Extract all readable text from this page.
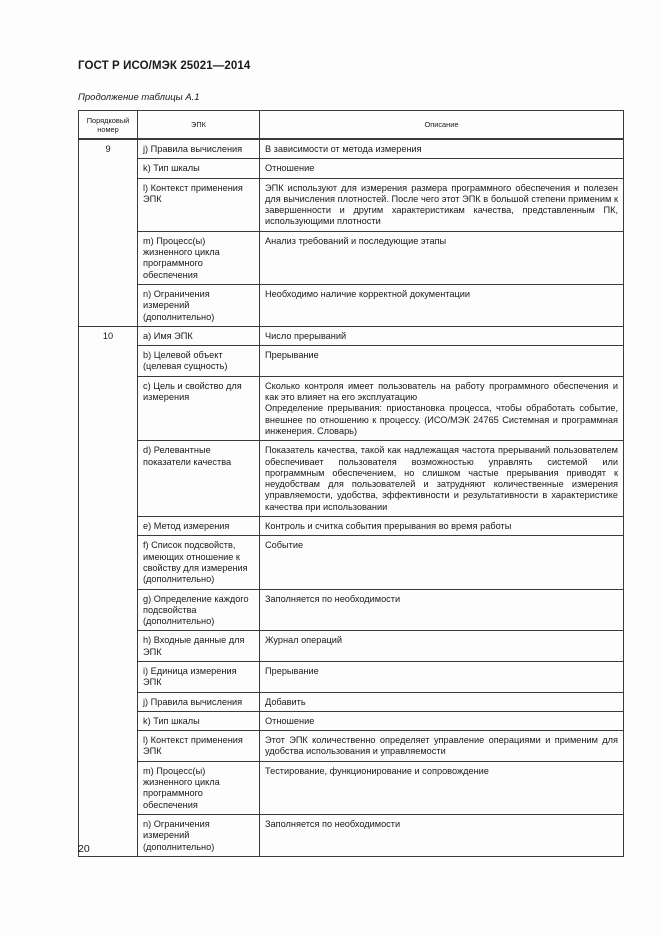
ГОСТ Р ИСО/МЭК 25021—2014
Продолжение таблицы А.1
Порядковый номер	ЭПК	Описание
9	j) Правила вычисления	В зависимости от метода измерения
	k) Тип шкалы	Отношение
	l) Контекст применения ЭПК	ЭПК используют для измерения размера программного обеспечения и полезен для вычисления плотностей. После чего этот ЭПК в большой степени применим к завершенности и другим характеристикам качества, представленным ПК, использующими плотности
	m) Процесс(ы) жизненного цикла программного обеспечения	Анализ требований и последующие этапы
	n) Ограничения измерений (дополнительно)	Необходимо наличие корректной документации
10	a) Имя ЭПК	Число прерываний
	b) Целевой объект (целевая сущность)	Прерывание
	c) Цель и свойство для измерения	Сколько контроля имеет пользователь на работу программного обеспечения и как это влияет на его эксплуатацию
Определение прерывания: приостановка процесса, чтобы обработать событие, внешнее по отношению к процессу. (ИСО/МЭК 24765 Системная и программная инженерия. Словарь)
	d) Релевантные показатели качества	Показатель качества, такой как надлежащая частота прерываний пользователем обеспечивает пользователя возможностью управлять системой или программным обеспечением, но слишком частые прерывания приводят к неудобствам для пользователей и затрудняют количественные измерения управляемости, удобства, эффективности и результативности в характеристике качества при использовании
	e) Метод измерения	Контроль и считка события прерывания во время работы
	f) Список подсвойств, имеющих отношение к свойству для измерения (дополнительно)	Событие
	g) Определение каждого подсвойства (дополнительно)	Заполняется по необходимости
	h) Входные данные для ЭПК	Журнал операций
	i) Единица измерения ЭПК	Прерывание
	j) Правила вычисления	Добавить
	k) Тип шкалы	Отношение
	l) Контекст применения ЭПК	Этот ЭПК количественно определяет управление операциями и применим для удобства использования и управляемости
	m) Процесс(ы) жизненного цикла программного обеспечения	Тестирование, функционирование и сопровождение
	n) Ограничения измерений (дополнительно)	Заполняется по необходимости
20
